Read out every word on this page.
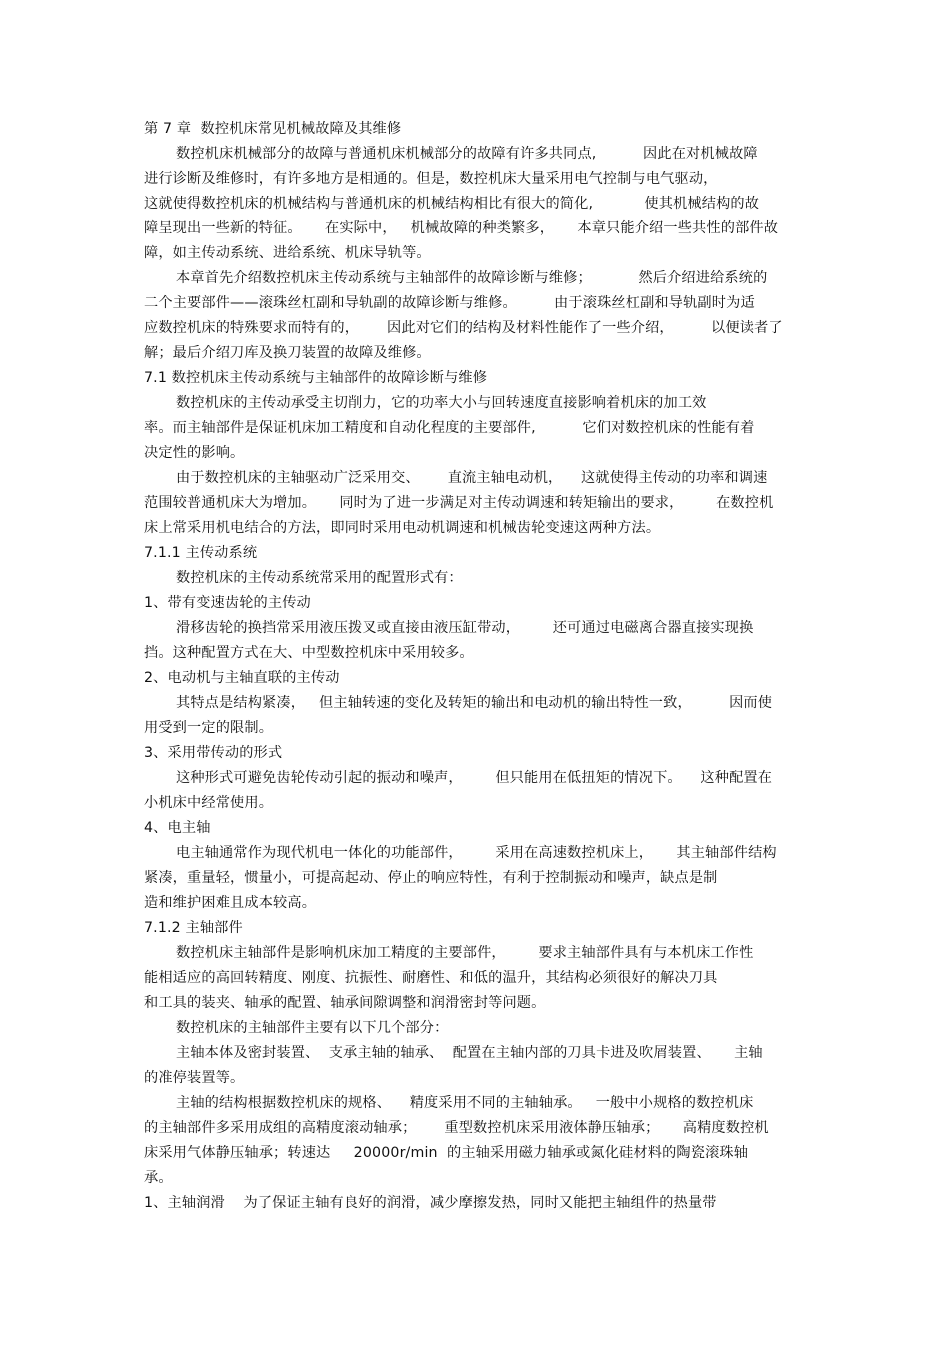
第 7 章  数控机床常见机械故障及其维修
数控机床机械部分的故障与普通机床机械部分的故障有许多共同点,          因此在对机械故障
进行诊断及维修时，有许多地方是相通的。但是，数控机床大量采用电气控制与电气驱动，
这就使得数控机床的机械结构与普通机床的机械结构相比有很大的简化,           使其机械结构的故
障呈现出一些新的特征。     在实际中，   机械故障的种类繁多，     本章只能介绍一些共性的部件故
障，如主传动系统、进给系统、机床导轨等。
本章首先介绍数控机床主传动系统与主轴部件的故障诊断与维修；          然后介绍进给系统的
二个主要部件——滚珠丝杠副和导轨副的故障诊断与维修。        由于滚珠丝杠副和导轨副时为适
应数控机床的特殊要求而特有的，      因此对它们的结构及材料性能作了一些介绍，        以便读者了
解；最后介绍刀库及换刀装置的故障及维修。
7.1 数控机床主传动系统与主轴部件的故障诊断与维修
数控机床的主传动承受主切削力，它的功率大小与回转速度直接影响着机床的加工效
率。而主轴部件是保证机床加工精度和自动化程度的主要部件,          它们对数控机床的性能有着
决定性的影响。
由于数控机床的主轴驱动广泛采用交、      直流主轴电动机，    这就使得主传动的功率和调速
范围较普通机床大为增加。     同时为了进一步满足对主传动调速和转矩输出的要求，       在数控机
床上常采用机电结合的方法，即同时采用电动机调速和机械齿轮变速这两种方法。
7.1.1 主传动系统
数控机床的主传动系统常采用的配置形式有：
1、带有变速齿轮的主传动
滑移齿轮的换挡常采用液压拨叉或直接由液压缸带动，       还可通过电磁离合器直接实现换
挡。这种配置方式在大、中型数控机床中采用较多。
2、电动机与主轴直联的主传动
其特点是结构紧凑，   但主轴转速的变化及转矩的输出和电动机的输出特性一致，        因而使
用受到一定的限制。
3、采用带传动的形式
这种形式可避免齿轮传动引起的振动和噪声，       但只能用在低扭矩的情况下。    这种配置在
小机床中经常使用。
4、电主轴
电主轴通常作为现代机电一体化的功能部件，       采用在高速数控机床上，     其主轴部件结构
紧凑，重量轻，惯量小，可提高起动、停止的响应特性，有利于控制振动和噪声，缺点是制
造和维护困难且成本较高。
7.1.2 主轴部件
数控机床主轴部件是影响机床加工精度的主要部件，       要求主轴部件具有与本机床工作性
能相适应的高回转精度、刚度、抗振性、耐磨性、和低的温升，其结构必须很好的解决刀具
和工具的装夹、轴承的配置、轴承间隙调整和润滑密封等问题。
数控机床的主轴部件主要有以下几个部分：
主轴本体及密封装置、  支承主轴的轴承、  配置在主轴内部的刀具卡进及吹屑装置、     主轴
的准停装置等。
主轴的结构根据数控机床的规格、    精度采用不同的主轴轴承。   一般中小规格的数控机床
的主轴部件多采用成组的高精度滚动轴承；      重型数控机床采用液体静压轴承；     高精度数控机
床采用气体静压轴承；转速达     20000r/min  的主轴采用磁力轴承或氮化硅材料的陶瓷滚珠轴
承。
1、主轴润滑    为了保证主轴有良好的润滑，减少摩擦发热，同时又能把主轴组件的热量带
